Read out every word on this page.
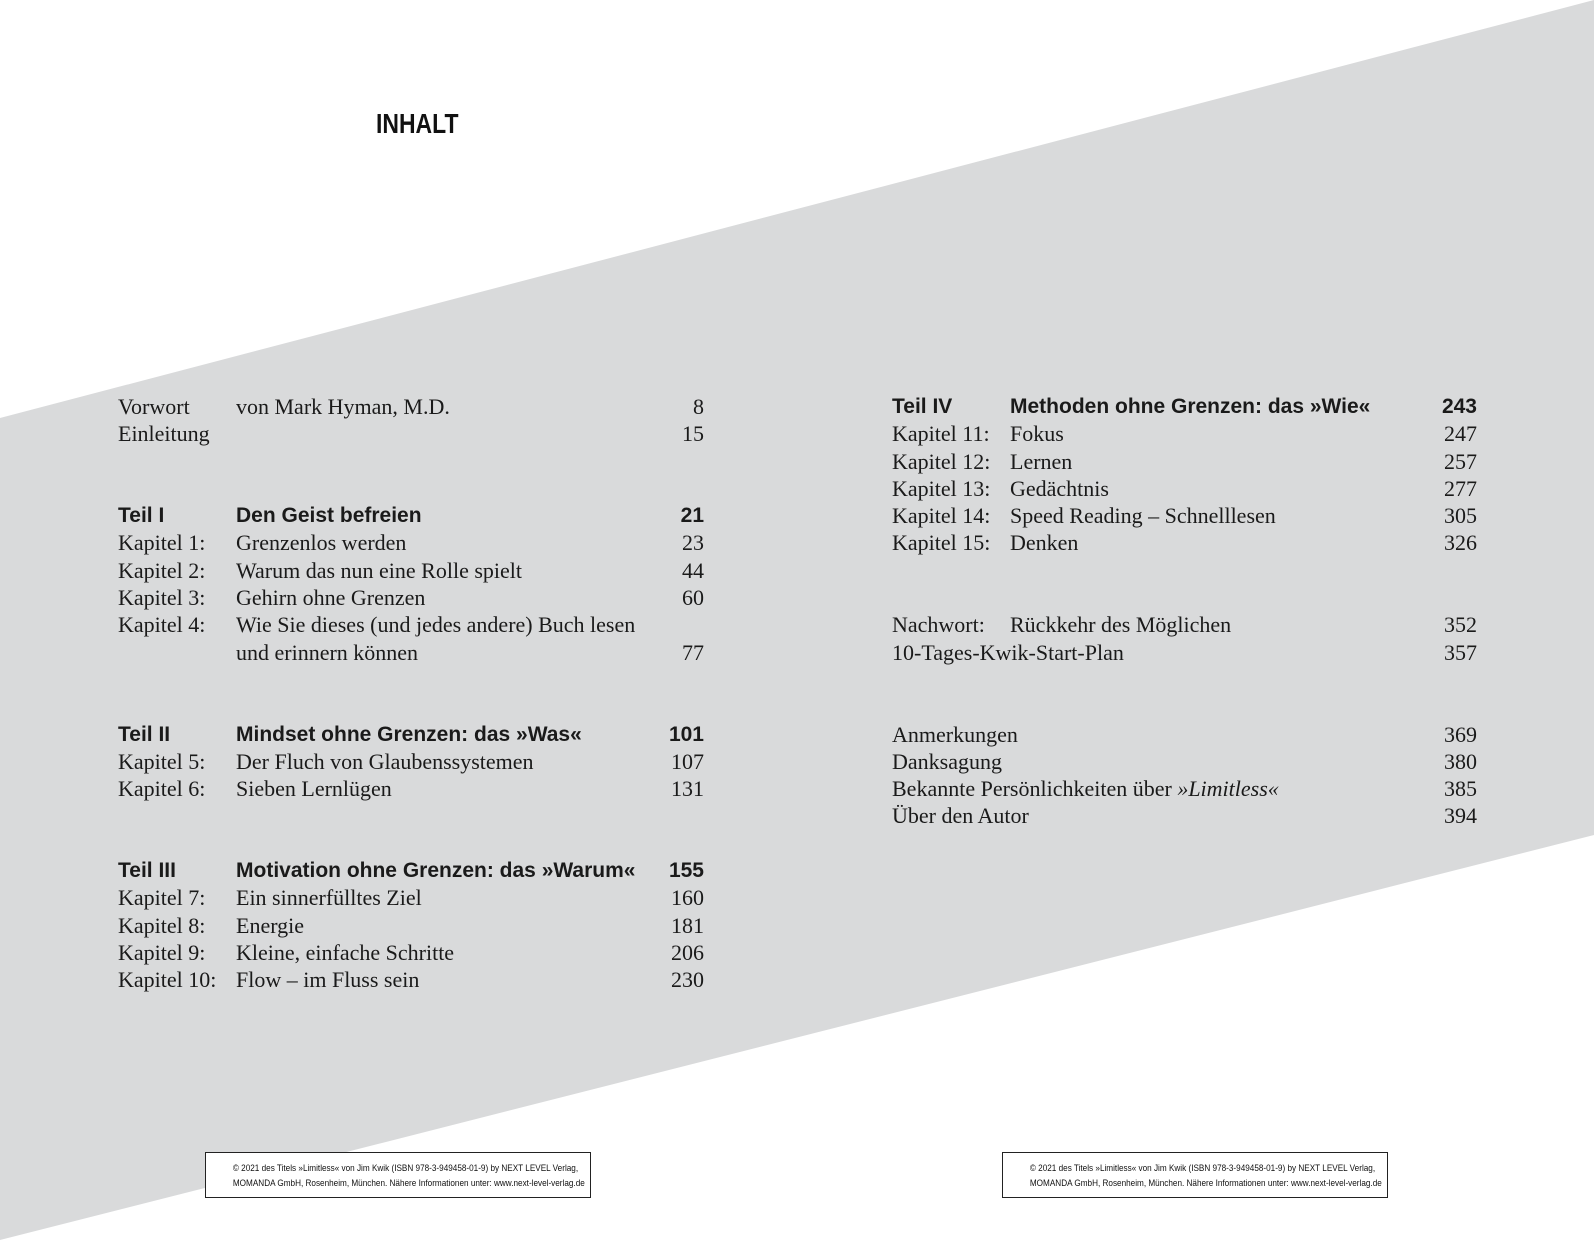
INHALT
Vorwort von Mark Hyman, M.D.	8
Einleitung	15
Teil I	Den Geist befreien	21
Kapitel 1: Grenzenlos werden	23
Kapitel 2: Warum das nun eine Rolle spielt	44
Kapitel 3: Gehirn ohne Grenzen	60
Kapitel 4: Wie Sie dieses (und jedes andere) Buch lesen
und erinnern können	77
Teil II	Mindset ohne Grenzen: das »Was«	101
Kapitel 5: Der Fluch von Glaubenssystemen	107
Kapitel 6: Sieben Lernlügen	131
Teil III	Motivation ohne Grenzen: das »Warum« 155
Kapitel 7: Ein sinnerfülltes Ziel	160
Kapitel 8: Energie	181
Kapitel 9: Kleine, einfache Schritte	206
Kapitel 10: Flow – im Fluss sein	230
Teil IV	Methoden ohne Grenzen: das »Wie«	243
Kapitel 11: Fokus	247
Kapitel 12: Lernen	257
Kapitel 13: Gedächtnis	277
Kapitel 14: Speed Reading – Schnelllesen	305
Kapitel 15: Denken	326
Nachwort: Rückkehr des Möglichen	352
10-Tages-Kwik-Start-Plan	357
Anmerkungen	369
Danksagung	380
Bekannte Persönlichkeiten über »Limitless«	385
Über den Autor	394
© 2021 des Titels »Limitless« von Jim Kwik (ISBN 978-3-949458-01-9) by NEXT LEVEL Verlag,
MOMANDA GmbH, Rosenheim, München. Nähere Informationen unter: www.next-level-verlag.de
© 2021 des Titels »Limitless« von Jim Kwik (ISBN 978-3-949458-01-9) by NEXT LEVEL Verlag,
MOMANDA GmbH, Rosenheim, München. Nähere Informationen unter: www.next-level-verlag.de
